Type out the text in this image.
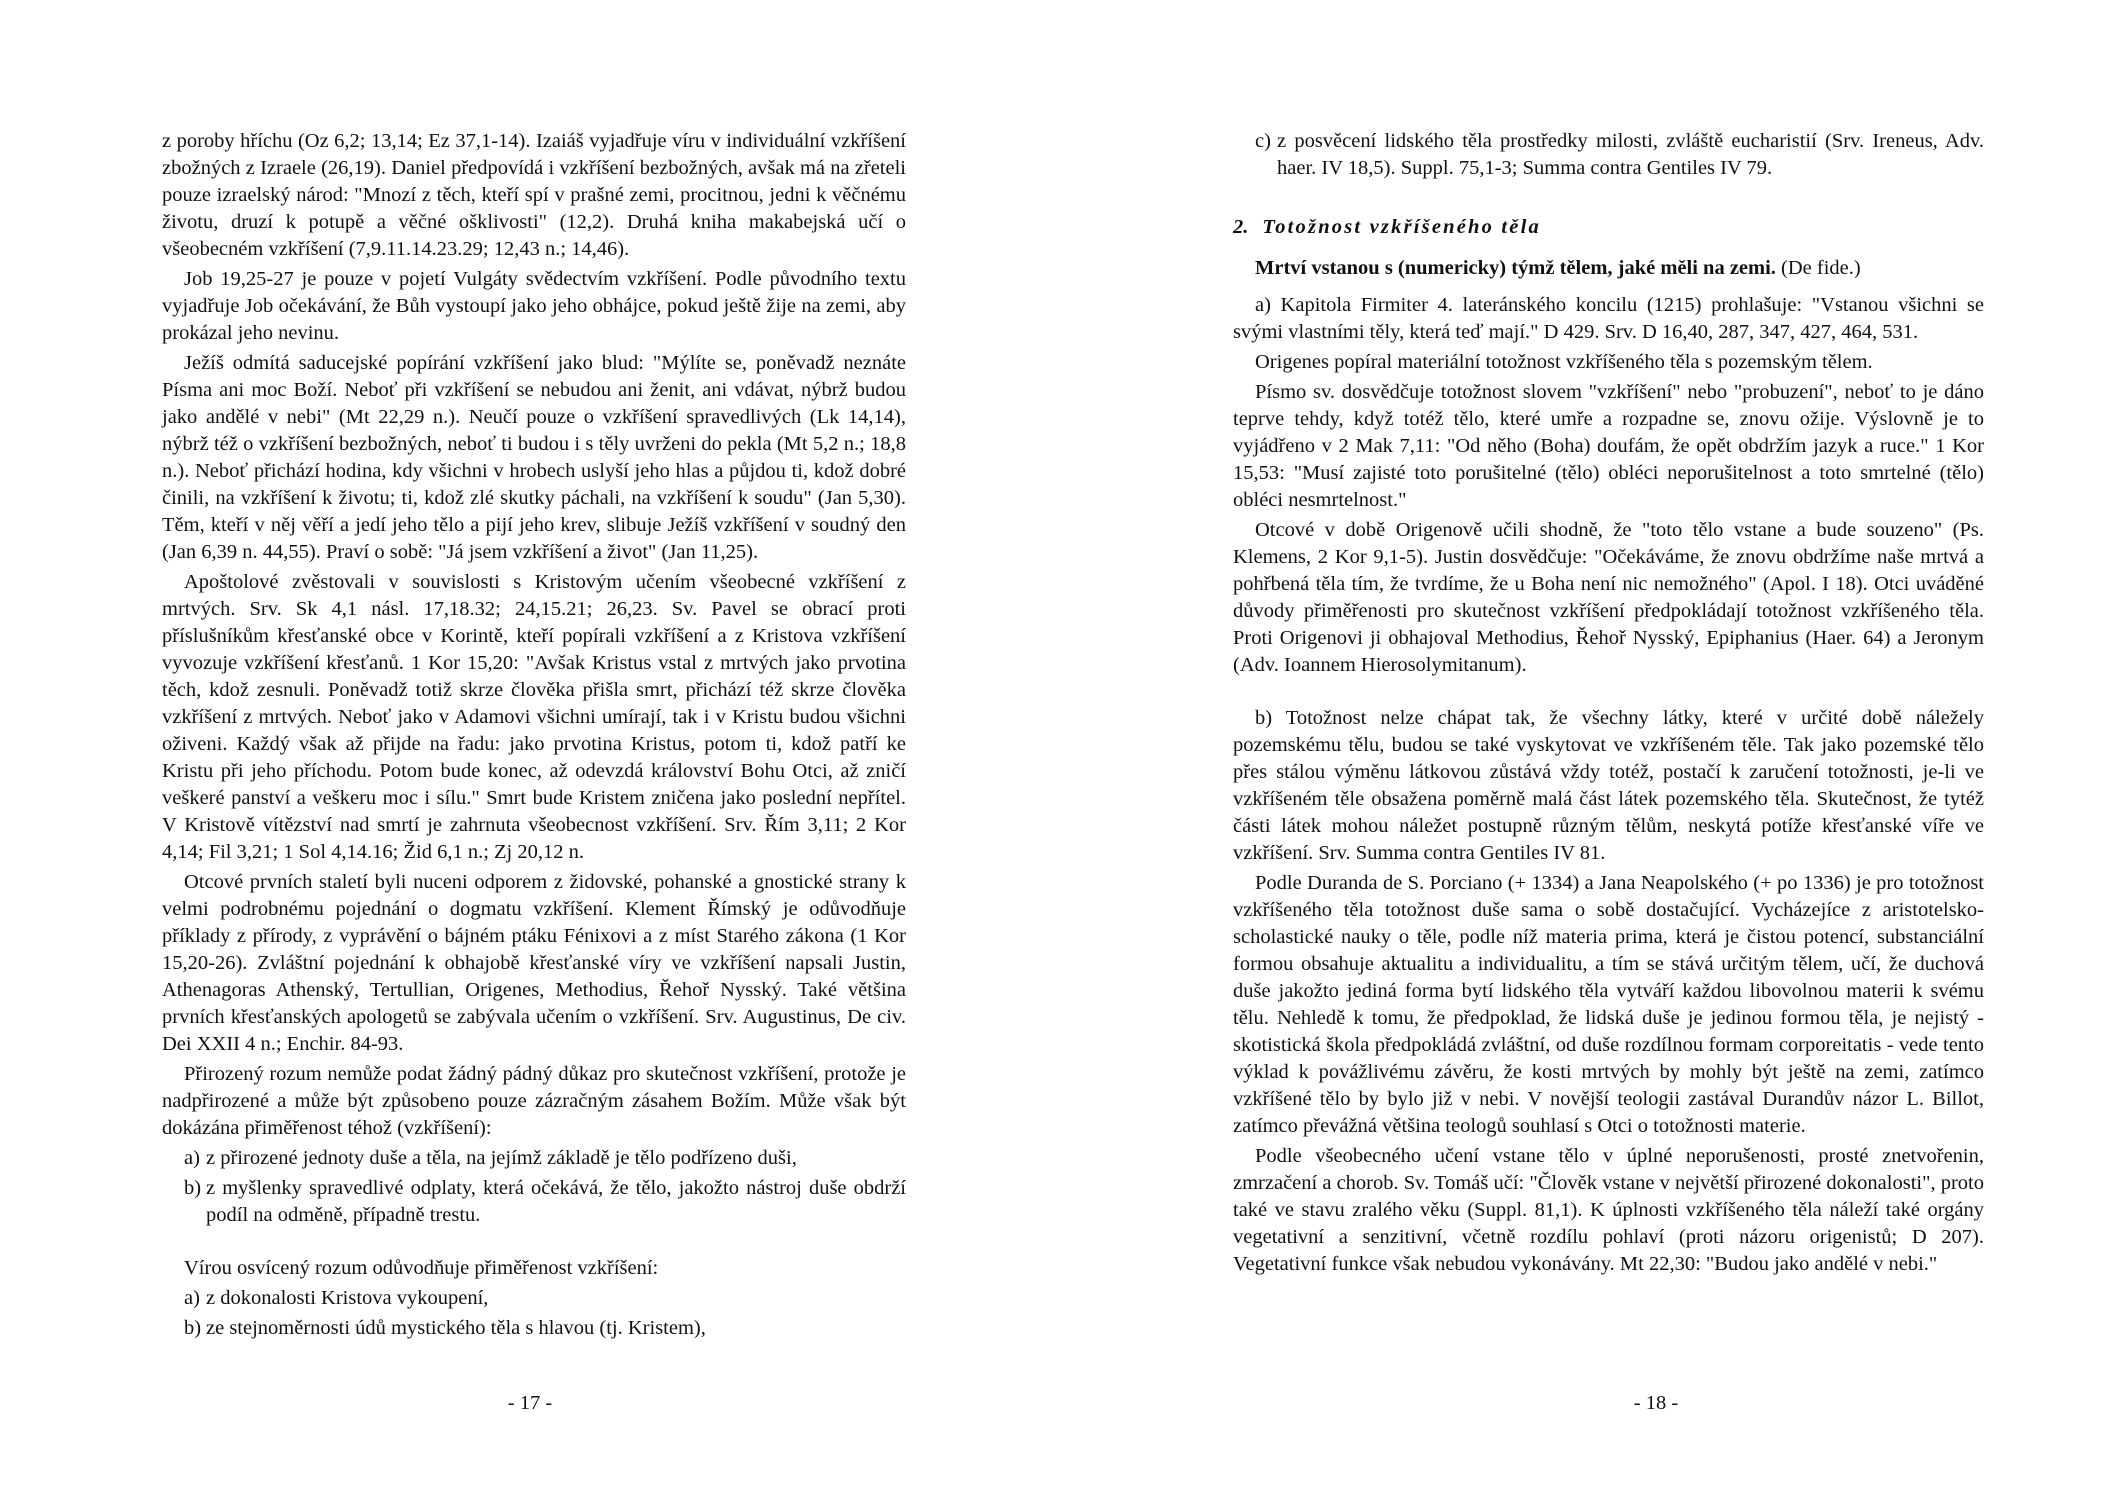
z poroby hříchu (Oz 6,2; 13,14; Ez 37,1-14). Izaiáš vyjadřuje víru v individuální vzkříšení zbožných z Izraele (26,19). Daniel předpovídá i vzkříšení bezbožných, avšak má na zřeteli pouze izraelský národ: "Mnozí z těch, kteří spí v prašné zemi, procitnou, jedni k věčnému životu, druzí k potupě a věčné ošklivosti" (12,2). Druhá kniha makabejská učí o všeobecném vzkříšení (7,9.11.14.23.29; 12,43 n.; 14,46).

Job 19,25-27 je pouze v pojetí Vulgáty svědectvím vzkříšení. Podle původního textu vyjadřuje Job očekávání, že Bůh vystoupí jako jeho obhájce, pokud ještě žije na zemi, aby prokázal jeho nevinu.

Ježíš odmítá saducejské popírání vzkříšení jako blud: "Mýlíte se, poněvadž neznáte Písma ani moc Boží. Neboť při vzkříšení se nebudou ani ženit, ani vdávat, nýbrž budou jako andělé v nebi" (Mt 22,29 n.). Neučí pouze o vzkříšení spravedlivých (Lk 14,14), nýbrž též o vzkříšení bezbožných, neboť ti budou i s těly uvrženi do pekla (Mt 5,2 n.; 18,8 n.). Neboť přichází hodina, kdy všichni v hrobech uslyší jeho hlas a půjdou ti, kdož dobré činili, na vzkříšení k životu; ti, kdož zlé skutky páchali, na vzkříšení k soudu" (Jan 5,30). Těm, kteří v něj věří a jedí jeho tělo a pijí jeho krev, slibuje Ježíš vzkříšení v soudný den (Jan 6,39 n. 44,55). Praví o sobě: "Já jsem vzkříšení a život" (Jan 11,25).

Apoštolové zvěstovali v souvislosti s Kristovým učením všeobecné vzkříšení z mrtvých. Srv. Sk 4,1 násl. 17,18.32; 24,15.21; 26,23. Sv. Pavel se obrací proti příslušníkům křesťanské obce v Korintě, kteří popírali vzkříšení a z Kristova vzkříšení vyvozuje vzkříšení křesťanů. 1 Kor 15,20: "Avšak Kristus vstal z mrtvých jako prvotina těch, kdož zesnuli. Poněvadž totiž skrze člověka přišla smrt, přichází též skrze člověka vzkříšení z mrtvých. Neboť jako v Adamovi všichni umírají, tak i v Kristu budou všichni oživeni. Každý však až přijde na řadu: jako prvotina Kristus, potom ti, kdož patří ke Kristu při jeho příchodu. Potom bude konec, až odevzdá království Bohu Otci, až zničí veškeré panství a veškeru moc i sílu." Smrt bude Kristem zničena jako poslední nepřítel. V Kristově vítězství nad smrtí je zahrnuta všeobecnost vzkříšení. Srv. Řím 3,11; 2 Kor 4,14; Fil 3,21; 1 Sol 4,14.16; Žid 6,1 n.; Zj 20,12 n.

Otcové prvních staletí byli nuceni odporem z židovské, pohanské a gnostické strany k velmi podrobnému pojednání o dogmatu vzkříšení. Klement Římský je odůvodňuje příklady z přírody, z vyprávění o bájném ptáku Fénixovi a z míst Starého zákona (1 Kor 15,20-26). Zvláštní pojednání k obhajobě křesťanské víry ve vzkříšení napsali Justin, Athenagoras Athenský, Tertullian, Origenes, Methodius, Řehoř Nysský. Také většina prvních křesťanských apologetů se zabývala učením o vzkříšení. Srv. Augustinus, De civ. Dei XXII 4 n.; Enchir. 84-93.

Přirozený rozum nemůže podat žádný pádný důkaz pro skutečnost vzkříšení, protože je nadpřirozené a může být způsobeno pouze zázračným zásahem Božím. Může však být dokázána přiměřenost téhož (vzkříšení):

a) z přirozené jednoty duše a těla, na jejímž základě je tělo podřízeno duši,
b) z myšlenky spravedlivé odplaty, která očekává, že tělo, jakožto nástroj duše obdrží podíl na odměně, případně trestu.

Vírou osvícený rozum odůvodňuje přiměřenost vzkříšení:

a) z dokonalosti Kristova vykoupení,
b) ze stejnoměrnosti údů mystického těla s hlavou (tj. Kristem),
- 17 -
c) z posvěcení lidského těla prostředky milosti, zvláště eucharistií (Srv. Ireneus, Adv. haer. IV 18,5). Suppl. 75,1-3; Summa contra Gentiles IV 79.
2. Totožnost vzkříšeného těla

Mrtví vstanou s (numericky) týmž tělem, jaké měli na zemi. (De fide.)

a) Kapitola Firmiter 4. lateránského koncilu (1215) prohlašuje: "Vstanou všichni se svými vlastními těly, která teď mají." D 429. Srv. D 16,40, 287, 347, 427, 464, 531.

Origenes popíral materiální totožnost vzkříšeného těla s pozemským tělem.

Písmo sv. dosvědčuje totožnost slovem "vzkříšení" nebo "probuzení", neboť to je dáno teprve tehdy, když totéž tělo, které umře a rozpadne se, znovu ožije. Výslovně je to vyjádřeno v 2 Mak 7,11: "Od něho (Boha) doufám, že opět obdržím jazyk a ruce." 1 Kor 15,53: "Musí zajisté toto porušitelné (tělo) obléci neporušitelnost a toto smrtelné (tělo) obléci nesmrtelnost."

Otcové v době Origenově učili shodně, že "toto tělo vstane a bude souzeno" (Ps. Klemens, 2 Kor 9,1-5). Justin dosvědčuje: "Očekáváme, že znovu obdržíme naše mrtvá a pohřbená těla tím, že tvrdíme, že u Boha není nic nemožného" (Apol. I 18). Otci uváděné důvody přiměřenosti pro skutečnost vzkříšení předpokládají totožnost vzkříšeného těla. Proti Origenovi ji obhajoval Methodius, Řehoř Nysský, Epiphanius (Haer. 64) a Jeronym (Adv. Ioannem Hierosolymitanum).

b) Totožnost nelze chápat tak, že všechny látky, které v určité době náležely pozemskému tělu, budou se také vyskytovat ve vzkříšeném těle. Tak jako pozemské tělo přes stálou výměnu látkovou zůstává vždy totéž, postačí k zaručení totožnosti, je-li ve vzkříšeném těle obsažena poměrně malá část látek pozemského těla. Skutečnost, že tytéž části látek mohou náležet postupně různým tělům, neskytá potíže křesťanské víře ve vzkříšení. Srv. Summa contra Gentiles IV 81.

Podle Duranda de S. Porciano (+ 1334) a Jana Neapolského (+ po 1336) je pro totožnost vzkříšeného těla totožnost duše sama o sobě dostačující. Vycházejíce z aristotelsko-scholastické nauky o těle, podle níž materia prima, která je čistou potencí, substanciální formou obsahuje aktualitu a individualitu, a tím se stává určitým tělem, učí, že duchová duše jakožto jediná forma bytí lidského těla vytváří každou libovolnou materii k svému tělu. Nehledě k tomu, že předpoklad, že lidská duše je jedinou formou těla, je nejistý - skotistická škola předpokládá zvláštní, od duše rozdílnou formam corporeitatis - vede tento výklad k povážlivému závěru, že kosti mrtvých by mohly být ještě na zemi, zatímco vzkříšené tělo by bylo již v nebi. V novější teologii zastával Durandův názor L. Billot, zatímco převážná většina teologů souhlasí s Otci o totožnosti materie.

Podle všeobecného učení vstane tělo v úplné neporušenosti, prosté znetvořenin, zmrzačení a chorob. Sv. Tomáš učí: "Člověk vstane v největší přirozené dokonalosti", proto také ve stavu zralého věku (Suppl. 81,1). K úplnosti vzkříšeného těla náleží také orgány vegetativní a senzitivní, včetně rozdílu pohlaví (proti názoru origenistů; D 207). Vegetativní funkce však nebudou vykonávány. Mt 22,30: "Budou jako andělé v nebi."

- 18 -
